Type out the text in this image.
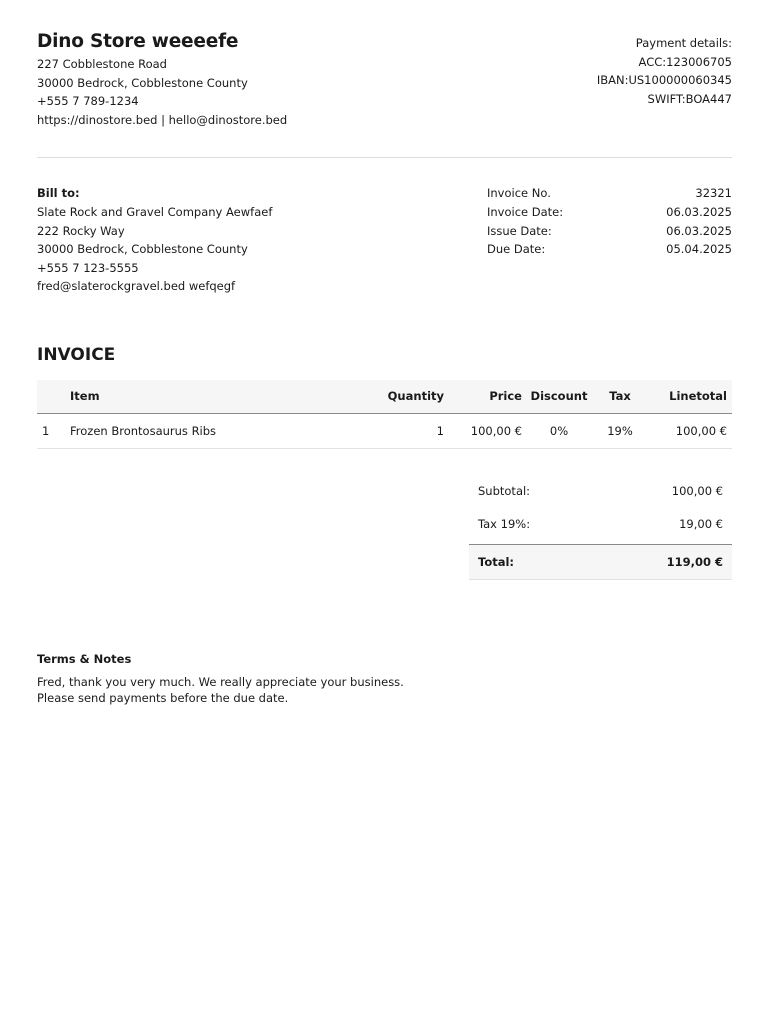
Dino Store weeeefe
227 Cobblestone Road
30000 Bedrock, Cobblestone County
+555 7 789-1234
https://dinostore.bed | hello@dinostore.bed
Payment details:
ACC:123006705
IBAN:US100000060345
SWIFT:BOA447
Bill to:
Slate Rock and Gravel Company Aewfaef
222 Rocky Way
30000 Bedrock, Cobblestone County
+555 7 123-5555
fred@slaterockgravel.bed wefqegf
Invoice No.	32321
Invoice Date:	06.03.2025
Issue Date:	06.03.2025
Due Date:	05.04.2025
INVOICE
	Item	Quantity	Price	Discount	Tax	Linetotal
1	Frozen Brontosaurus Ribs	1	100,00 €	0%	19%	100,00 €
Subtotal:	100,00 €
Tax 19%:	19,00 €
Total:	119,00 €
Terms & Notes
Fred, thank you very much. We really appreciate your business.
Please send payments before the due date.
